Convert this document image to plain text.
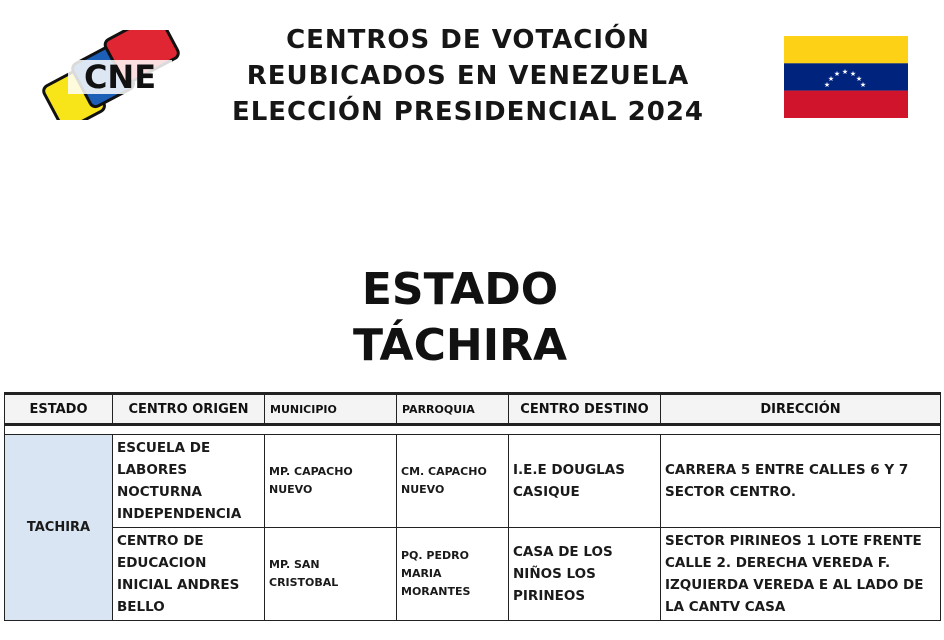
CNE
CENTROS DE VOTACIÓN
REUBICADOS EN VENEZUELA
ELECCIÓN PRESIDENCIAL 2024
★
★
★ ★ ★
★
★
ESTADO
TÁCHIRA
ESTADO	CENTRO ORIGEN	MUNICIPIO	PARROQUIA	CENTRO DESTINO	DIRECCIÓN

TACHIRA	ESCUELA DE LABORES NOCTURNA INDEPENDENCIA	MP. CAPACHO NUEVO	CM. CAPACHO NUEVO	I.E.E DOUGLAS CASIQUE	CARRERA 5 ENTRE CALLES 6 Y 7 SECTOR CENTRO.
	CENTRO DE EDUCACION INICIAL ANDRES BELLO	MP. SAN CRISTOBAL	PQ. PEDRO MARIA MORANTES	CASA DE LOS NIÑOS LOS PIRINEOS	SECTOR PIRINEOS 1 LOTE FRENTE CALLE 2. DERECHA VEREDA F. IZQUIERDA VEREDA E AL LADO DE LA CANTV CASA
